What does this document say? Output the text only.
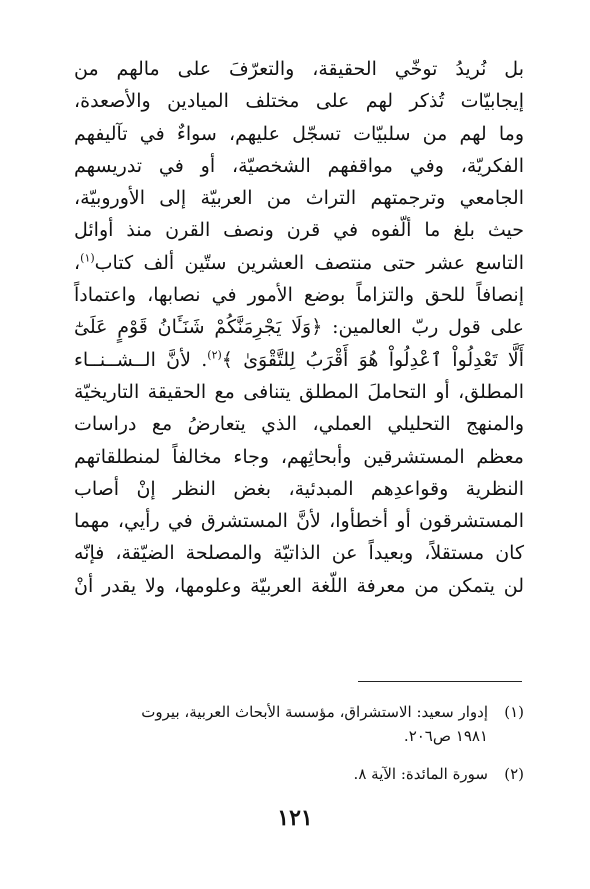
بل نُريدُ توخّي الحقيقة، والتعرّفَ على مالهم من
إيجابيّات تُذكر لهم على مختلف الميادين والأصعدة،
وما لهم من سلبيّات تسجّل عليهم، سواءٌ في تآليفهم
الفكريّة، وفي مواقفهم الشخصيّة، أو في تدريسهم
الجامعي وترجمتهم التراث من العربيّة إلى الأوروبيّة،
حيث بلغ ما ألّفوه في قرن ونصف القرن منذ أوائل
التاسع عشر حتى منتصف العشرين ستّين ألف كتاب$^{(١)}$،
إنصافاً للحق والتزاماً بوضع الأمور في نصابها، واعتماداً
على قول ربّ العالمين: ﴿وَلَا يَجْرِمَنَّكُمْ شَنَـَٔانُ قَوْمٍ عَلَىٰٓ
أَلَّا تَعْدِلُواْ ٱعْدِلُواْ هُوَ أَقْرَبُ لِلتَّقْوَىٰ ﴾$^{(٢)}$. لأنَّ الــشــنــاء
المطلق، أو التحاملَ المطلق يتنافى مع الحقيقة التاريخيّة
والمنهج التحليلي العملي، الذي يتعارضُ مع دراسات
معظم المستشرقين وأبحاثِهم، وجاء مخالفاً لمنطلقاتهم
النظرية وقواعدِهم المبدئية، بغض النظر إنْ أصاب
المستشرقون أو أخطأوا، لأنَّ المستشرق في رأيي، مهما
كان مستقلاً، وبعيداً عن الذاتيّة والمصلحة الضيّقة، فإنّه
لن يتمكن من معرفة اللّغة العربيّة وعلومها، ولا يقدر أنْ
(١)
إدوار سعيد: الاستشراق، مؤسسة الأبحاث العربية، بيروت
١٩٨١ ص٢٠٦.
(٢)
سورة المائدة: الآية ٨.
١٢١
